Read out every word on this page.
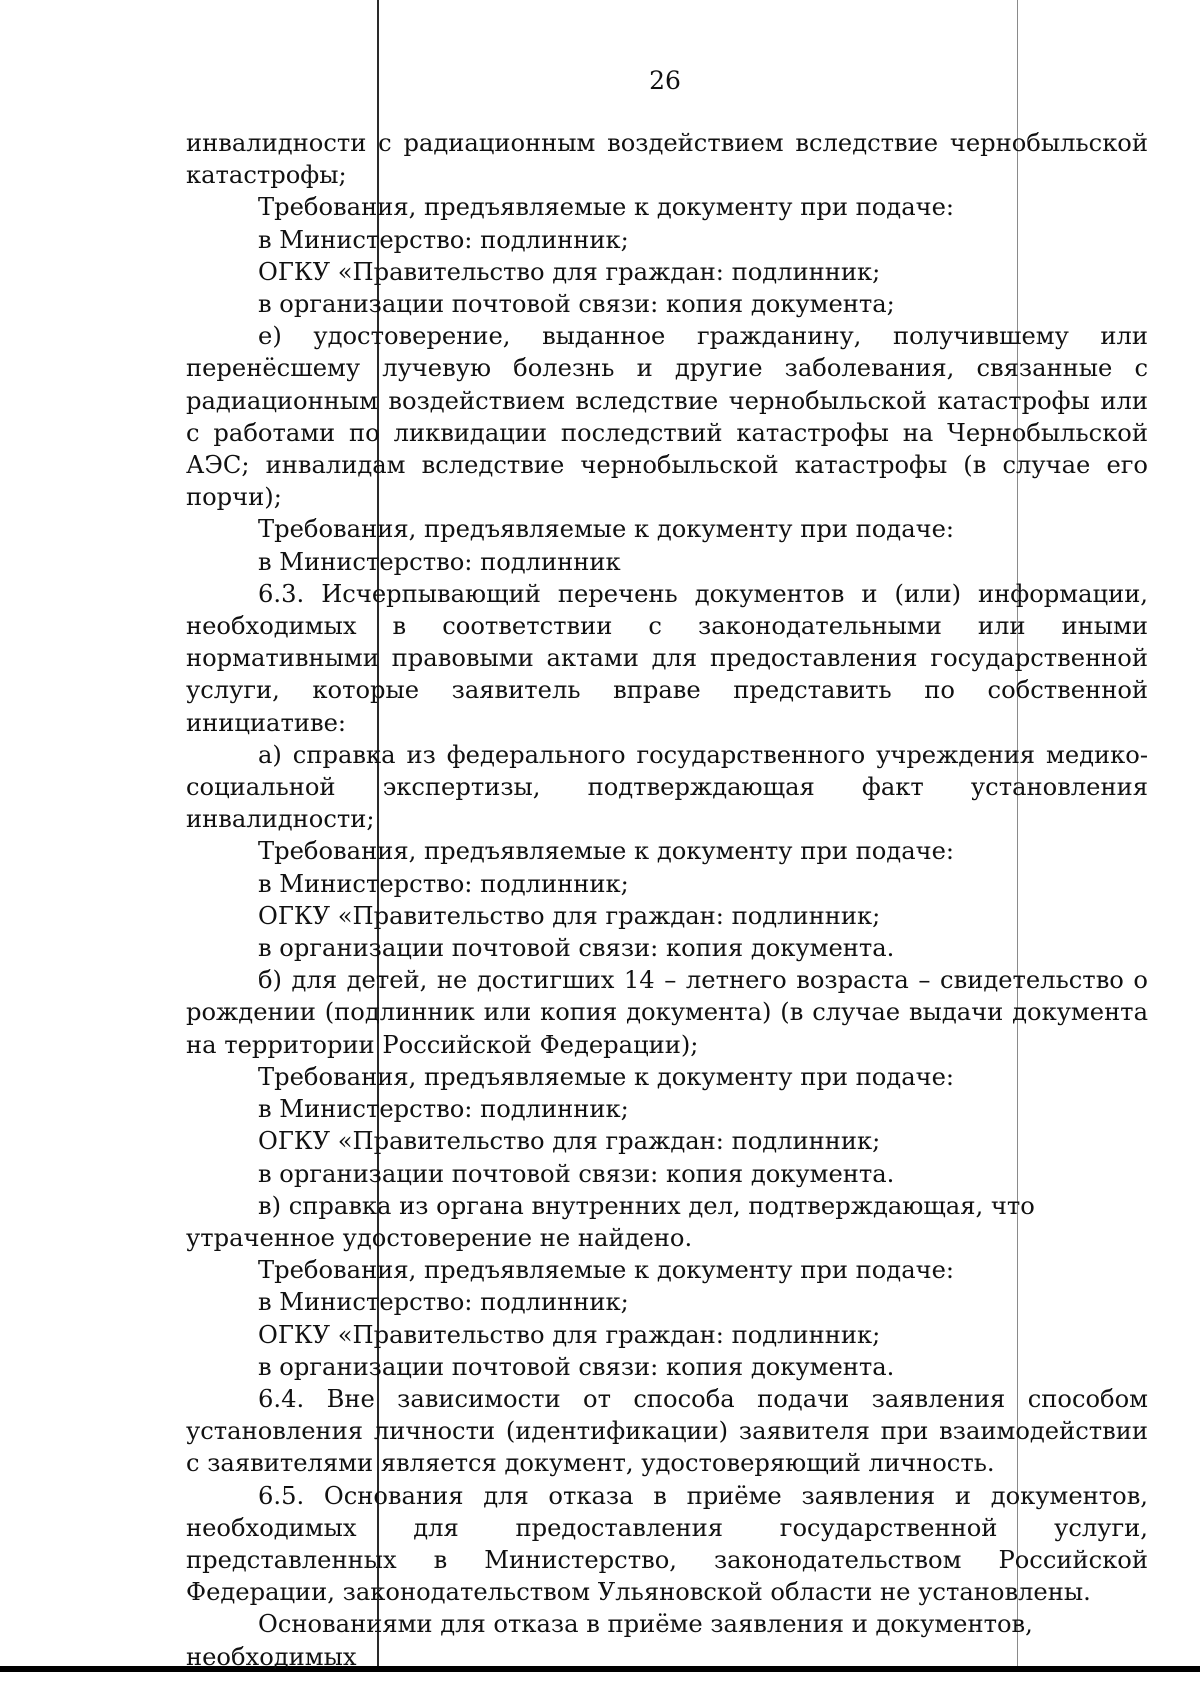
26

инвалидности с радиационным воздействием вследствие чернобыльской катастрофы;

Требования, предъявляемые к документу при подаче:

в Министерство: подлинник;

ОГКУ «Правительство для граждан: подлинник;

в организации почтовой связи: копия документа;

е) удостоверение, выданное гражданину, получившему или перенёсшему лучевую болезнь и другие заболевания, связанные с радиационным воздействием вследствие чернобыльской катастрофы или с работами по ликвидации последствий катастрофы на Чернобыльской АЭС; инвалидам вследствие чернобыльской катастрофы (в случае его порчи);

Требования, предъявляемые к документу при подаче:

в Министерство: подлинник

6.3. Исчерпывающий перечень документов и (или) информации, необходимых в соответствии с законодательными или иными нормативными правовыми актами для предоставления государственной услуги, которые заявитель вправе представить по собственной инициативе:

а) справка из федерального государственного учреждения медико-социальной экспертизы, подтверждающая факт установления инвалидности;

Требования, предъявляемые к документу при подаче:

в Министерство: подлинник;

ОГКУ «Правительство для граждан: подлинник;

в организации почтовой связи: копия документа.

б) для детей, не достигших 14 – летнего возраста – свидетельство о рождении (подлинник или копия документа) (в случае выдачи документа на территории Российской Федерации);

Требования, предъявляемые к документу при подаче:

в Министерство: подлинник;

ОГКУ «Правительство для граждан: подлинник;

в организации почтовой связи: копия документа.

в) справка из органа внутренних дел, подтверждающая, что утраченное удостоверение не найдено.

Требования, предъявляемые к документу при подаче:

в Министерство: подлинник;

ОГКУ «Правительство для граждан: подлинник;

в организации почтовой связи: копия документа.

6.4. Вне зависимости от способа подачи заявления способом установления личности (идентификации) заявителя при взаимодействии с заявителями является документ, удостоверяющий личность.

6.5. Основания для отказа в приёме заявления и документов, необходимых для предоставления государственной услуги, представленных в Министерство, законодательством Российской Федерации, законодательством Ульяновской области не установлены.

Основаниями для отказа в приёме заявления и документов, необходимых
